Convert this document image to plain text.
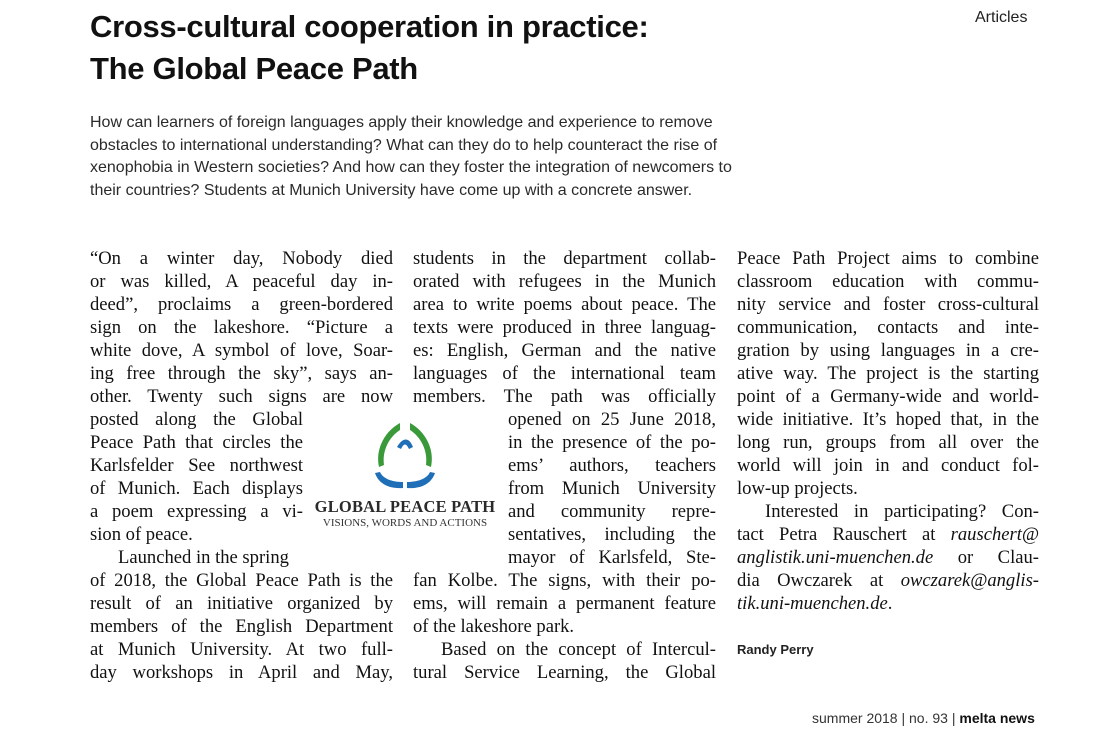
Articles
Cross-cultural cooperation in practice:
The Global Peace Path
How can learners of foreign languages apply their knowledge and experience to remove
obstacles to international understanding? What can they do to help counteract the rise of
xenophobia in Western societies? And how can they foster the integration of newcomers to
their countries? Students at Munich University have come up with a concrete answer.
“On a winter day, Nobody died
or was killed, A peaceful day in-
deed”, proclaims a green-bordered
sign on the lakeshore. “Picture a
white dove, A symbol of love, Soar-
ing free through the sky”, says an-
other. Twenty such signs are now
posted along the Global
Peace Path that circles the
Karlsfelder See northwest
of Munich. Each displays
a poem expressing a vi-
sion of peace.
Launched in the spring
of 2018, the Global Peace Path is the
result of an initiative organized by
members of the English Department
at Munich University. At two full-
day workshops in April and May,
students in the department collab-
orated with refugees in the Munich
area to write poems about peace. The
texts were produced in three languag-
es: English, German and the native
languages of the international team
members. The path was officially
opened on 25 June 2018,
in the presence of the po-
ems’ authors, teachers
from Munich University
and community repre-
sentatives, including the
mayor of Karlsfeld, Ste-
fan Kolbe. The signs, with their po-
ems, will remain a permanent feature
of the lakeshore park.
Based on the concept of Intercul-
tural Service Learning, the Global
Peace Path Project aims to combine
classroom education with commu-
nity service and foster cross-cultural
communication, contacts and inte-
gration by using languages in a cre-
ative way. The project is the starting
point of a Germany-wide and world-
wide initiative. It’s hoped that, in the
long run, groups from all over the
world will join in and conduct fol-
low-up projects.
Interested in participating? Con-
tact Petra Rauschert at rauschert@
anglistik.uni-muenchen.de or Clau-
dia Owczarek at owczarek@anglis-
tik.uni-muenchen.de.
GLOBAL PEACE PATH
VISIONS, WORDS AND ACTIONS
Randy Perry
summer 2018 | no. 93 | melta news
